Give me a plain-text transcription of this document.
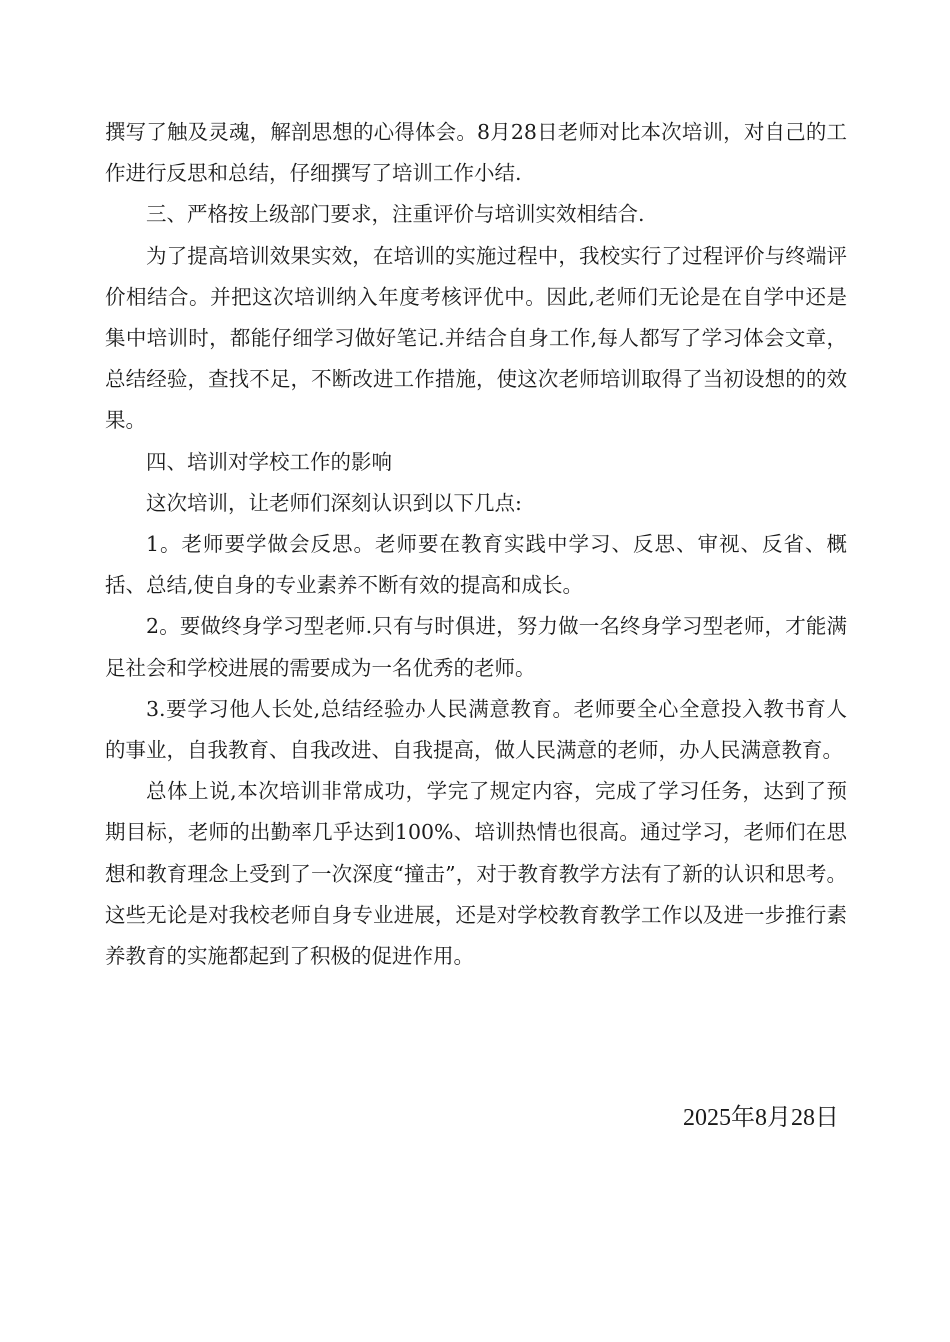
撰写了触及灵魂，解剖思想的心得体会。8月28日老师对比本次培训，对自己的工作进行反思和总结，仔细撰写了培训工作小结.

三、严格按上级部门要求，注重评价与培训实效相结合.

为了提高培训效果实效，在培训的实施过程中，我校实行了过程评价与终端评价相结合。并把这次培训纳入年度考核评优中。因此,老师们无论是在自学中还是集中培训时，都能仔细学习做好笔记.并结合自身工作,每人都写了学习体会文章，总结经验，查找不足，不断改进工作措施，使这次老师培训取得了当初设想的的效果。

四、培训对学校工作的影响

这次培训，让老师们深刻认识到以下几点:

1。老师要学做会反思。老师要在教育实践中学习、反思、审视、反省、概括、总结,使自身的专业素养不断有效的提高和成长。

2。要做终身学习型老师.只有与时俱进，努力做一名终身学习型老师，才能满足社会和学校进展的需要成为一名优秀的老师。

3.要学习他人长处,总结经验办人民满意教育。老师要全心全意投入教书育人的事业，自我教育、自我改进、自我提高，做人民满意的老师，办人民满意教育。

总体上说,本次培训非常成功，学完了规定内容，完成了学习任务，达到了预期目标，老师的出勤率几乎达到100%、培训热情也很高。通过学习，老师们在思想和教育理念上受到了一次深度“撞击”，对于教育教学方法有了新的认识和思考。这些无论是对我校老师自身专业进展，还是对学校教育教学工作以及进一步推行素养教育的实施都起到了积极的促进作用。

2025年8月28日
